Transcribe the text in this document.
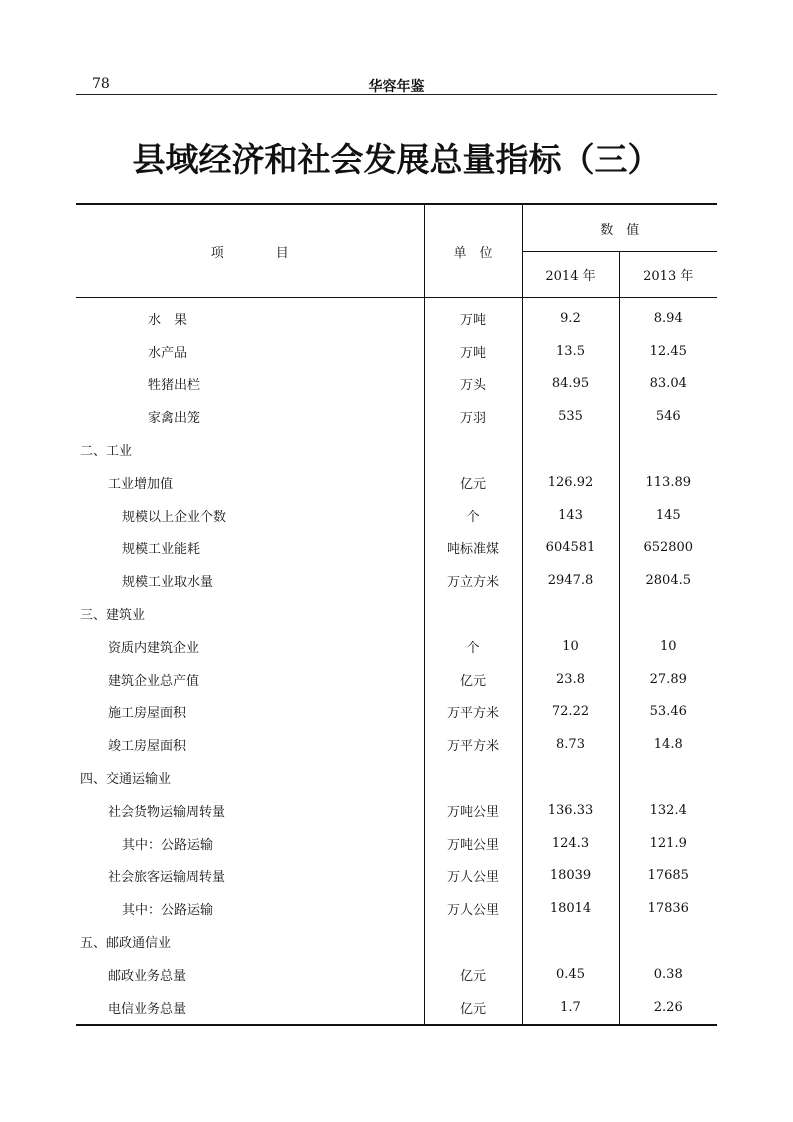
78	华容年鉴
县域经济和社会发展总量指标（三）
项　　　　目	单　位	数　值	
		2014 年	2013 年
水　果	万吨	9.2	8.94
水产品	万吨	13.5	12.45
牲猪出栏	万头	84.95	83.04
家禽出笼	万羽	535	546
二、工业			
工业增加值	亿元	126.92	113.89
规模以上企业个数	个	143	145
规模工业能耗	吨标准煤	604581	652800
规模工业取水量	万立方米	2947.8	2804.5
三、建筑业			
资质内建筑企业	个	10	10
建筑企业总产值	亿元	23.8	27.89
施工房屋面积	万平方米	72.22	53.46
竣工房屋面积	万平方米	8.73	14.8
四、交通运输业			
社会货物运输周转量	万吨公里	136.33	132.4
其中：公路运输	万吨公里	124.3	121.9
社会旅客运输周转量	万人公里	18039	17685
其中：公路运输	万人公里	18014	17836
五、邮政通信业			
邮政业务总量	亿元	0.45	0.38
电信业务总量	亿元	1.7	2.26
